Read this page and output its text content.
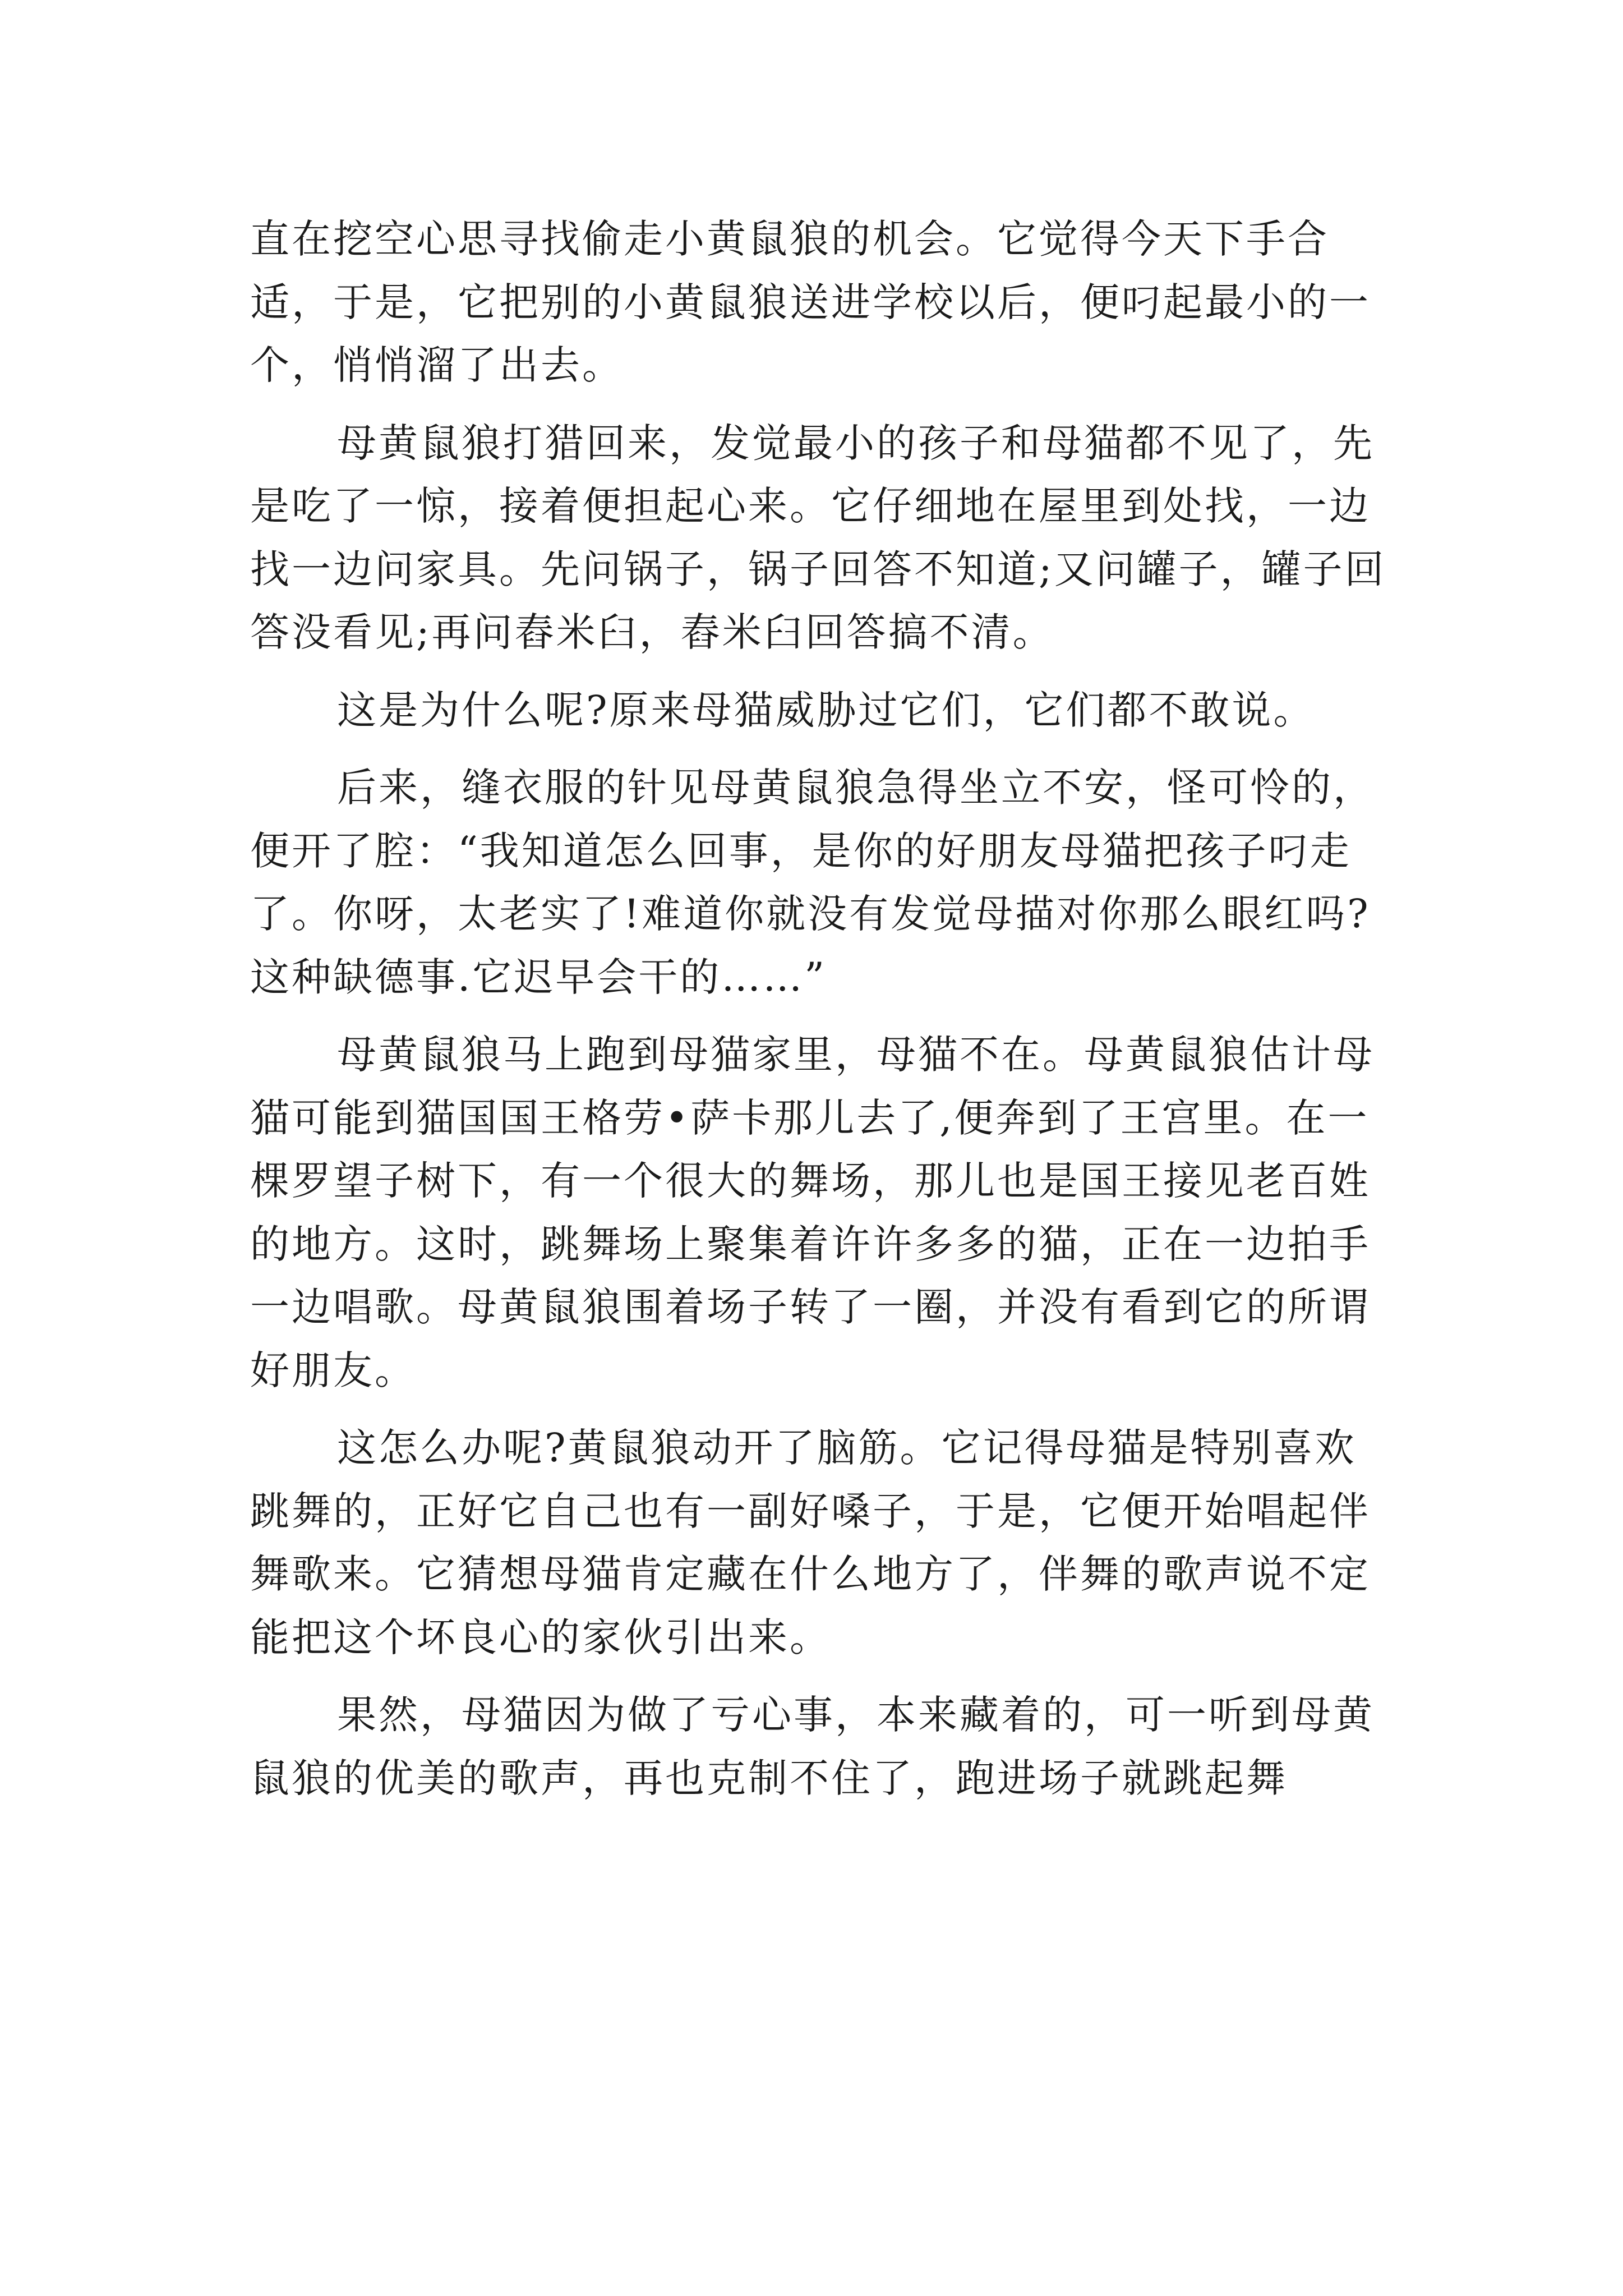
直在挖空心思寻找偷走小黄鼠狼的机会。它觉得今天下手合适，于是，它把别的小黄鼠狼送进学校以后，便叼起最小的一个，悄悄溜了出去。

母黄鼠狼打猎回来，发觉最小的孩子和母猫都不见了，先是吃了一惊，接着便担起心来。它仔细地在屋里到处找，一边找一边问家具。先问锅子，锅子回答不知道;又问罐子，罐子回答没看见;再问舂米臼，舂米臼回答搞不清。

这是为什么呢?原来母猫威胁过它们，它们都不敢说。

后来，缝衣服的针见母黄鼠狼急得坐立不安，怪可怜的，便开了腔：“我知道怎么回事，是你的好朋友母猫把孩子叼走了。你呀，太老实了!难道你就没有发觉母描对你那么眼红吗?这种缺德事.它迟早会干的……”

母黄鼠狼马上跑到母猫家里，母猫不在。母黄鼠狼估计母猫可能到猫国国王格劳•萨卡那儿去了,便奔到了王宫里。在一棵罗望子树下，有一个很大的舞场，那儿也是国王接见老百姓的地方。这时，跳舞场上聚集着许许多多的猫，正在一边拍手一边唱歌。母黄鼠狼围着场子转了一圈，并没有看到它的所谓好朋友。

这怎么办呢?黄鼠狼动开了脑筋。它记得母猫是特别喜欢跳舞的，正好它自己也有一副好嗓子，于是，它便开始唱起伴舞歌来。它猜想母猫肯定藏在什么地方了，伴舞的歌声说不定能把这个坏良心的家伙引出来。

果然，母猫因为做了亏心事，本来藏着的，可一听到母黄鼠狼的优美的歌声，再也克制不住了，跑进场子就跳起舞
